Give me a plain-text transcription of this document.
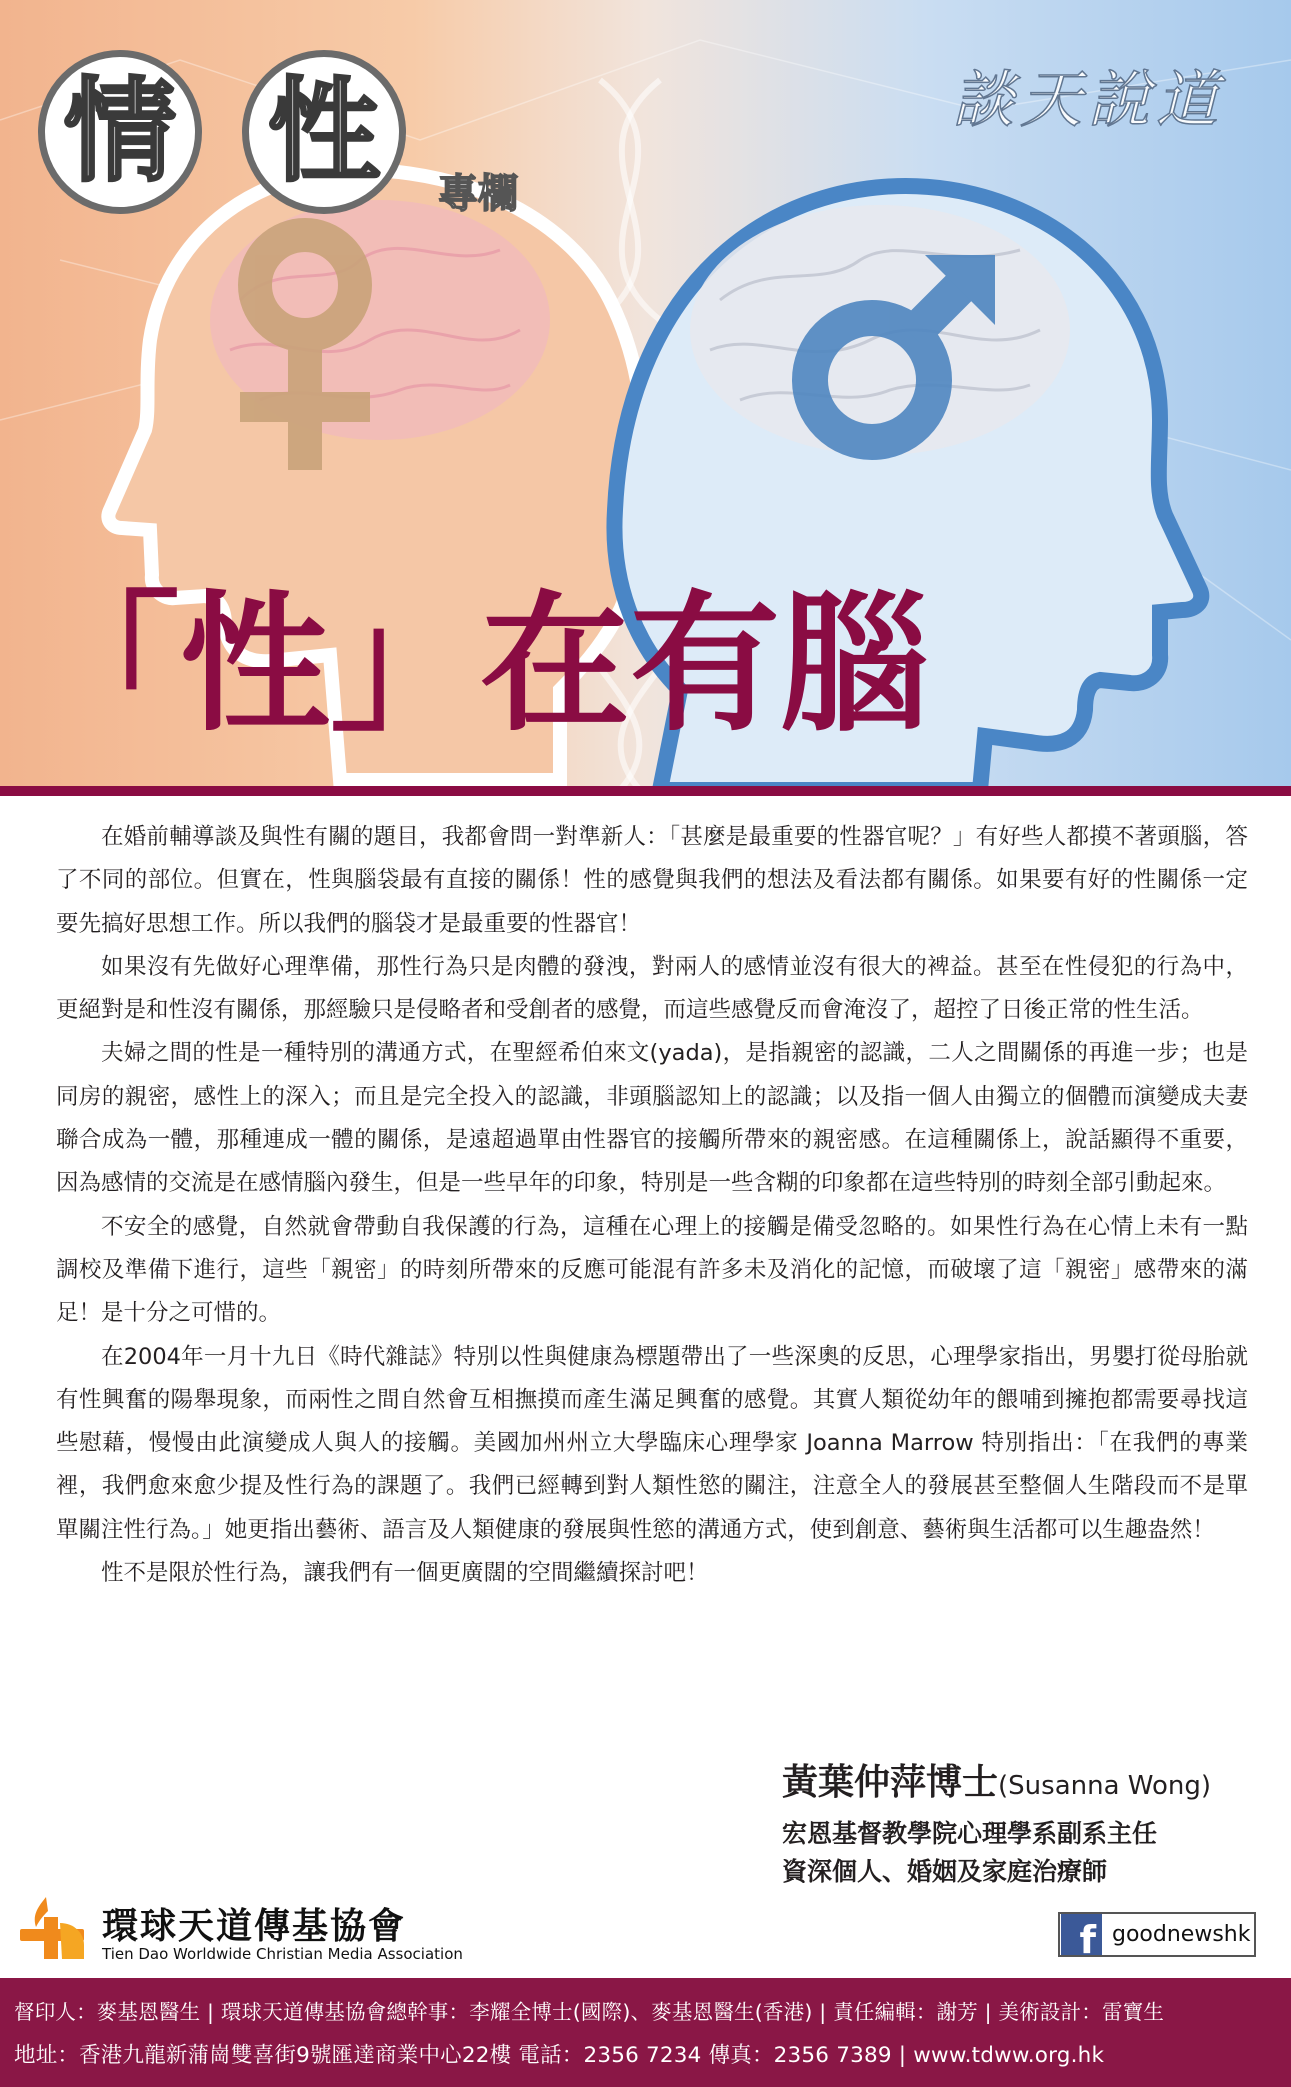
情 性 專欄
談天說道
「性」在有腦

在婚前輔導談及與性有關的題目，我都會問一對準新人：「甚麼是最重要的性器官呢？」有好些人都摸不著頭腦，答了不同的部位。但實在，性與腦袋最有直接的關係！性的感覺與我們的想法及看法都有關係。如果要有好的性關係一定要先搞好思想工作。所以我們的腦袋才是最重要的性器官！

如果沒有先做好心理準備，那性行為只是肉體的發洩，對兩人的感情並沒有很大的裨益。甚至在性侵犯的行為中， 更絕對是和性沒有關係，那經驗只是侵略者和受創者的感覺，而這些感覺反而會淹沒了，超控了日後正常的性生活。

夫婦之間的性是一種特別的溝通方式，在聖經希伯來文(yada)，是指親密的認識，二人之間關係的再進一步；也是同房的親密，感性上的深入；而且是完全投入的認識，非頭腦認知上的認識；以及指一個人由獨立的個體而演變成夫妻聯合成為一體，那種連成一體的關係，是遠超過單由性器官的接觸所帶來的親密感。在這種關係上，說話顯得不重要，因為感情的交流是在感情腦內發生，但是一些早年的印象，特別是一些含糊的印象都在這些特別的時刻全部引動起來。

不安全的感覺，自然就會帶動自我保護的行為，這種在心理上的接觸是備受忽略的。如果性行為在心情上未有一點調校及準備下進行，這些「親密」的時刻所帶來的反應可能混有許多未及消化的記憶，而破壞了這「親密」感帶來的滿足！是十分之可惜的。

在2004年一月十九日《時代雜誌》特別以性與健康為標題帶出了一些深奧的反思，心理學家指出，男嬰打從母胎就有性興奮的陽舉現象，而兩性之間自然會互相撫摸而產生滿足興奮的感覺。其實人類從幼年的餵哺到擁抱都需要尋找這些慰藉，慢慢由此演變成人與人的接觸。美國加州州立大學臨床心理學家 Joanna Marrow 特別指出：「在我們的專業裡，我們愈來愈少提及性行為的課題了。我們已經轉到對人類性慾的關注，注意全人的發展甚至整個人生階段而不是單單關注性行為。」她更指出藝術、語言及人類健康的發展與性慾的溝通方式，使到創意、藝術與生活都可以生趣盎然！

性不是限於性行為，讓我們有一個更廣闊的空間繼續探討吧！

黃葉仲萍博士(Susanna Wong)
宏恩基督教學院心理學系副系主任
資深個人、婚姻及家庭治療師
環球天道傳基協會
Tien Dao Worldwide Christian Media Association	f goodnewshk
督印人：麥基恩醫生 | 環球天道傳基協會總幹事：李耀全博士(國際)、麥基恩醫生(香港) | 責任編輯：謝芳 | 美術設計：雷寶生
地址：香港九龍新蒲崗雙喜街9號匯達商業中心22樓 電話：2356 7234 傳真：2356 7389 | www.tdww.org.hk
